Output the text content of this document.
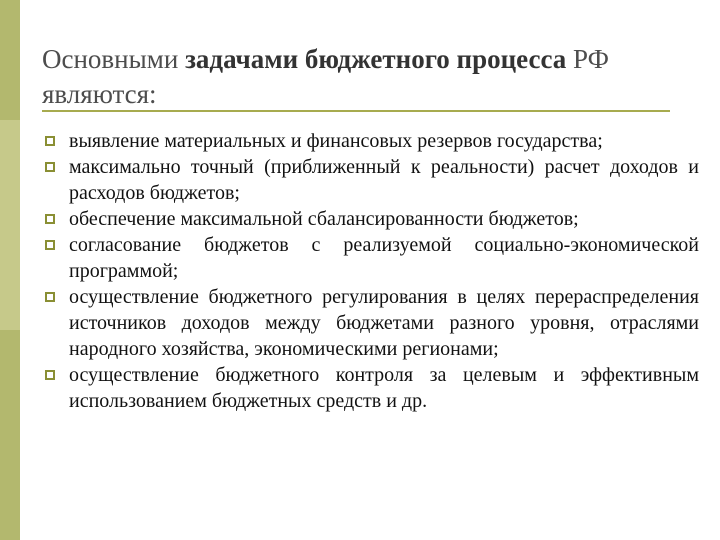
Основными задачами бюджетного процесса РФ
являются:
выявление материальных и финансовых резервов государства;
максимально точный (приближенный к реальности) расчет доходов и расходов бюджетов;
обеспечение максимальной сбалансированности бюджетов;
согласование бюджетов с реализуемой социально-экономической программой;
осуществление бюджетного регулирования в целях перераспределения источников доходов между бюджетами разного уровня, отраслями народного хозяйства, экономическими регионами;
осуществление бюджетного контроля за целевым и эффективным использованием бюджетных средств и др.
